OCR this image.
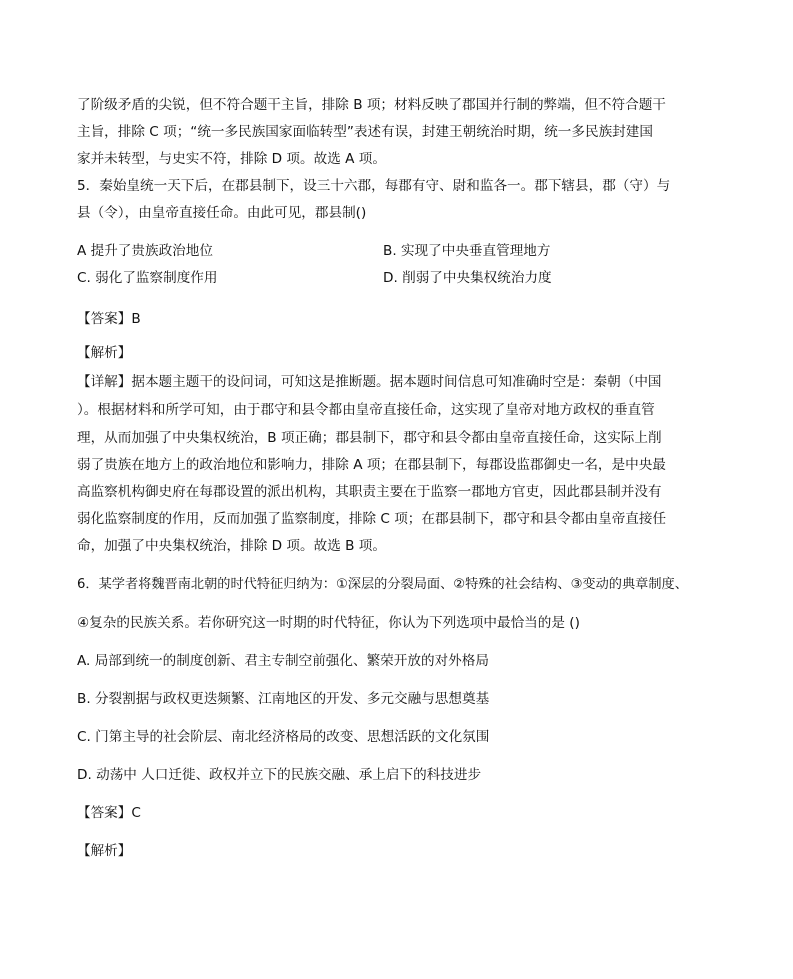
了阶级矛盾的尖锐，但不符合题干主旨，排除 B 项；材料反映了郡国并行制的弊端，但不符合题干
主旨，排除 C 项；“统一多民族国家面临转型”表述有误，封建王朝统治时期，统一多民族封建国
家并未转型，与史实不符，排除 D 项。故选 A 项。
5．秦始皇统一天下后，在郡县制下，设三十六郡，每郡有守、尉和监各一。郡下辖县，郡（守）与
县（令），由皇帝直接任命。由此可见，郡县制()
A 提升了贵族政治地位	B. 实现了中央垂直管理地方
C. 弱化了监察制度作用	D. 削弱了中央集权统治力度
【答案】B
【解析】
【详解】据本题主题干的设问词，可知这是推断题。据本题时间信息可知准确时空是：秦朝（中国
）。根据材料和所学可知，由于郡守和县令都由皇帝直接任命，这实现了皇帝对地方政权的垂直管
理，从而加强了中央集权统治，B 项正确；郡县制下，郡守和县令都由皇帝直接任命，这实际上削
弱了贵族在地方上的政治地位和影响力，排除 A 项；在郡县制下，每郡设监郡御史一名，是中央最
高监察机构御史府在每郡设置的派出机构，其职责主要在于监察一郡地方官吏，因此郡县制并没有
弱化监察制度的作用，反而加强了监察制度，排除 C 项；在郡县制下，郡守和县令都由皇帝直接任
命，加强了中央集权统治，排除 D 项。故选 B 项。
6．某学者将魏晋南北朝的时代特征归纳为：①深层的分裂局面、②特殊的社会结构、③变动的典章制度、
④复杂的民族关系。若你研究这一时期的时代特征，你认为下列选项中最恰当的是 ()
A. 局部到统一的制度创新、君主专制空前强化、繁荣开放的对外格局
B. 分裂割据与政权更迭频繁、江南地区的开发、多元交融与思想奠基
C. 门第主导的社会阶层、南北经济格局的改变、思想活跃的文化氛围
D. 动荡中 人口迁徙、政权并立下的民族交融、承上启下的科技进步
【答案】C
【解析】
